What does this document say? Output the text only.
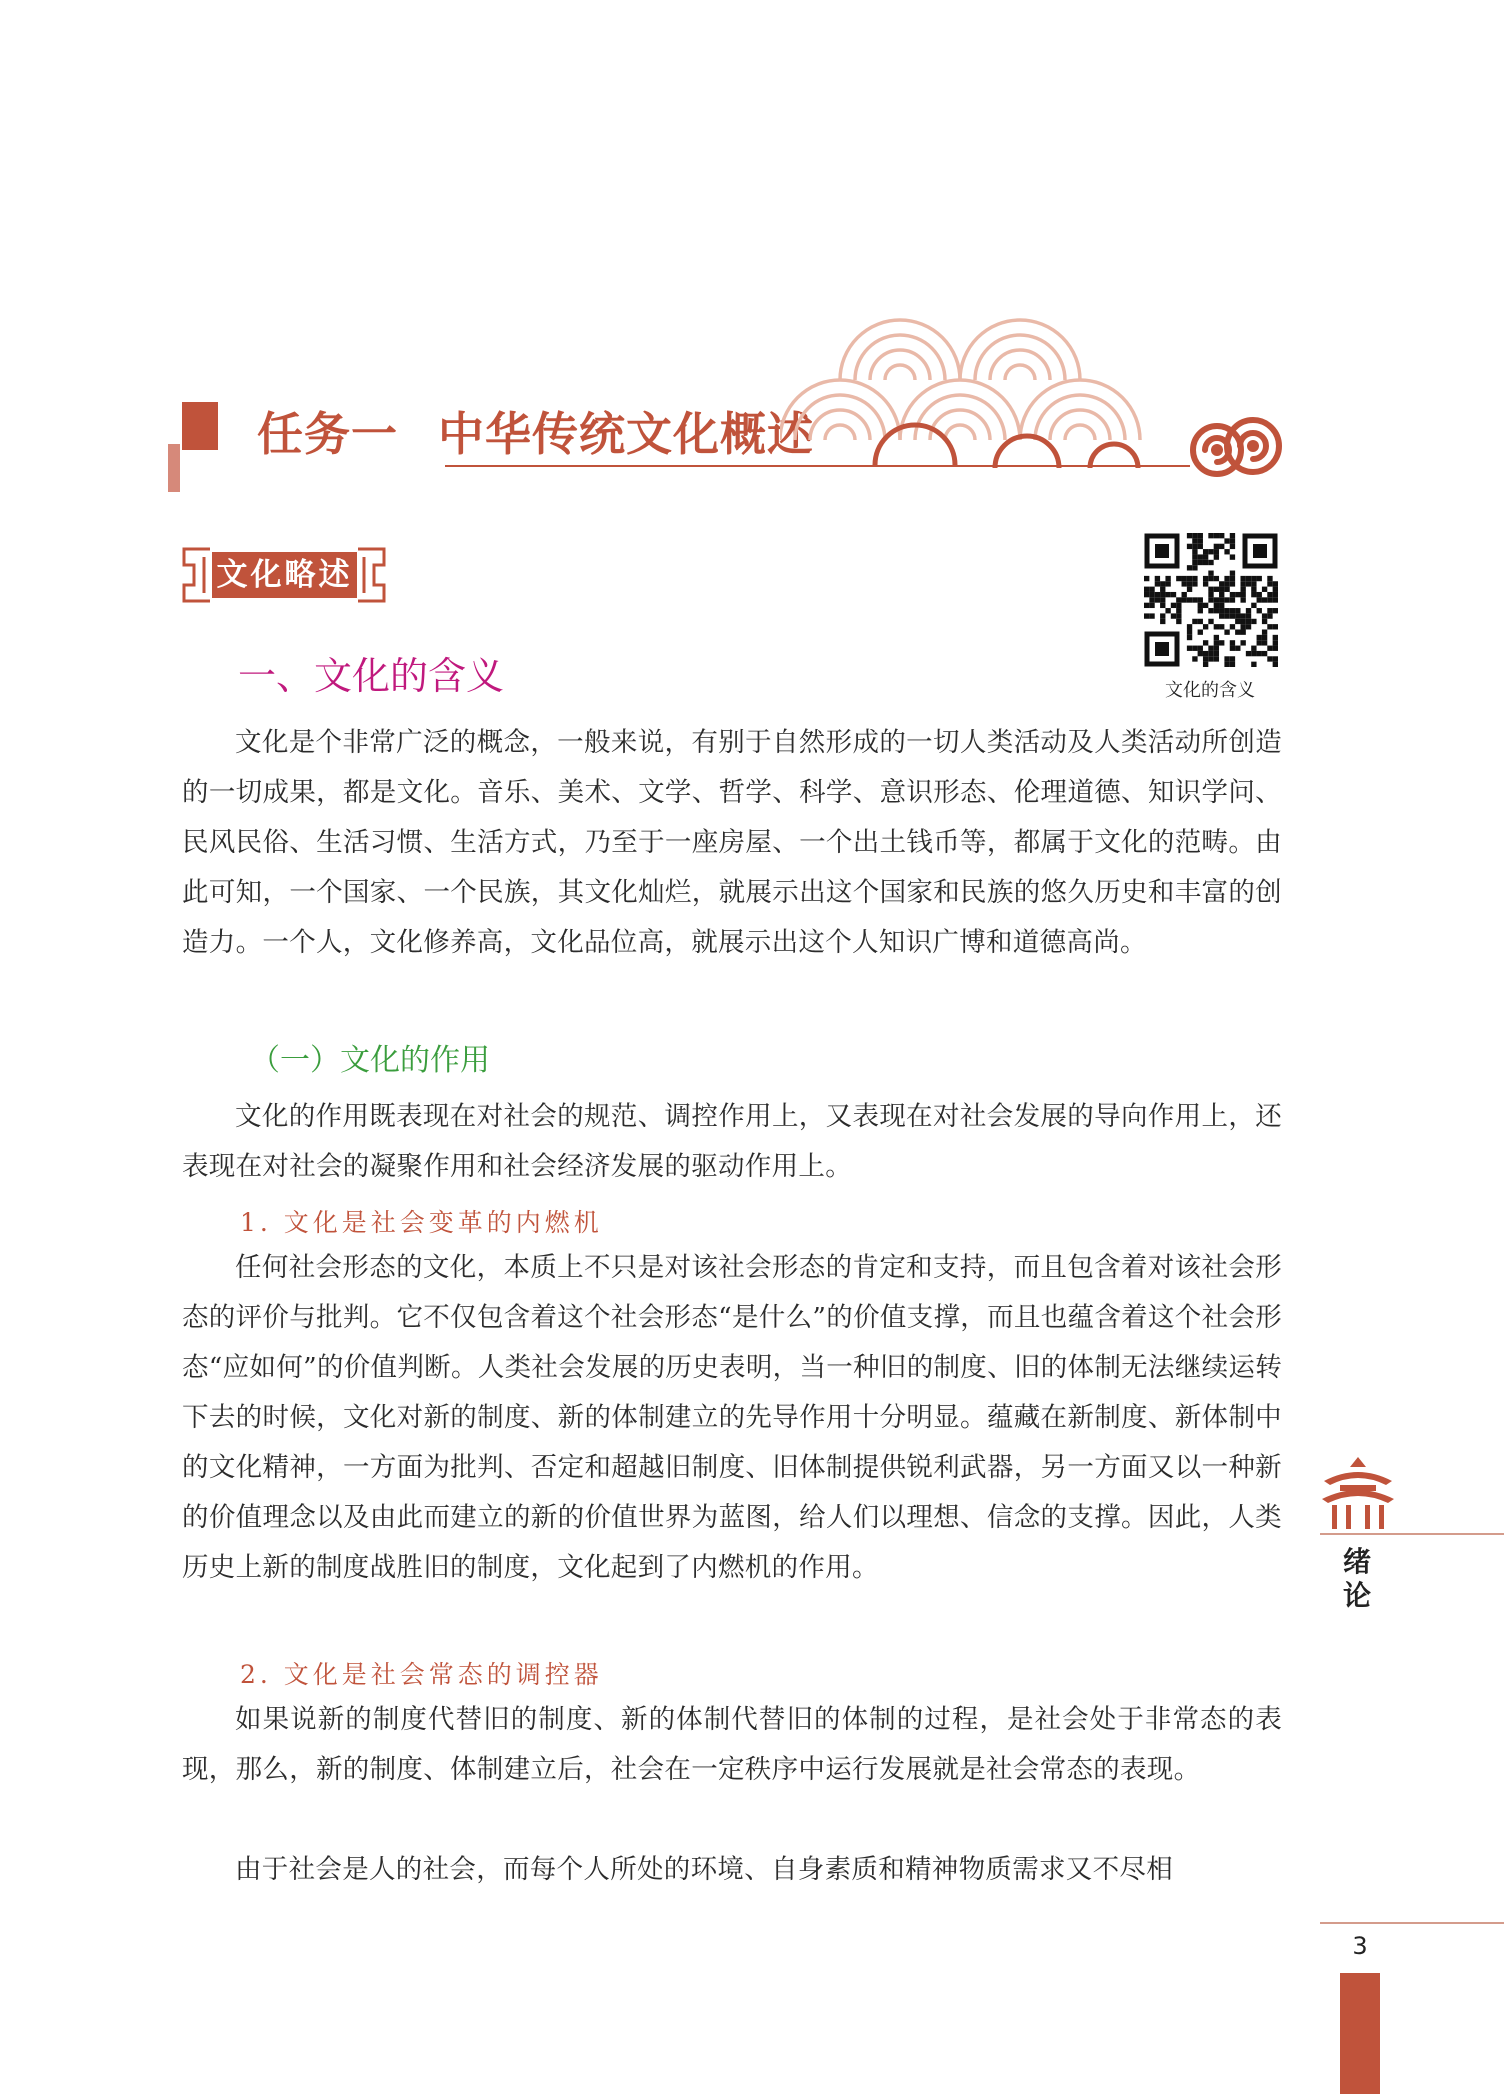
任务一 中华传统文化概述
文化略述
文化的含义
一、文化的含义

文化是个非常广泛的概念，一般来说，有别于自然形成的一切人类活动及人类活动所创造的一切成果，都是文化。音乐、美术、文学、哲学、科学、意识形态、伦理道德、知识学问、民风民俗、生活习惯、生活方式，乃至于一座房屋、一个出土钱币等，都属于文化的范畴。由此可知，一个国家、一个民族，其文化灿烂，就展示出这个国家和民族的悠久历史和丰富的创造力。一个人，文化修养高，文化品位高，就展示出这个人知识广博和道德高尚。

（一）文化的作用

文化的作用既表现在对社会的规范、调控作用上，又表现在对社会发展的导向作用上，还表现在对社会的凝聚作用和社会经济发展的驱动作用上。

1. 文化是社会变革的内燃机

任何社会形态的文化，本质上不只是对该社会形态的肯定和支持，而且包含着对该社会形态的评价与批判。它不仅包含着这个社会形态“是什么”的价值支撑，而且也蕴含着这个社会形态“应如何”的价值判断。人类社会发展的历史表明，当一种旧的制度、旧的体制无法继续运转下去的时候，文化对新的制度、新的体制建立的先导作用十分明显。蕴藏在新制度、新体制中的文化精神，一方面为批判、否定和超越旧制度、旧体制提供锐利武器，另一方面又以一种新的价值理念以及由此而建立的新的价值世界为蓝图，给人们以理想、信念的支撑。因此，人类历史上新的制度战胜旧的制度，文化起到了内燃机的作用。

2. 文化是社会常态的调控器

如果说新的制度代替旧的制度、新的体制代替旧的体制的过程，是社会处于非常态的表现，那么，新的制度、体制建立后，社会在一定秩序中运行发展就是社会常态的表现。

由于社会是人的社会，而每个人所处的环境、自身素质和精神物质需求又不尽相

绪论
3
